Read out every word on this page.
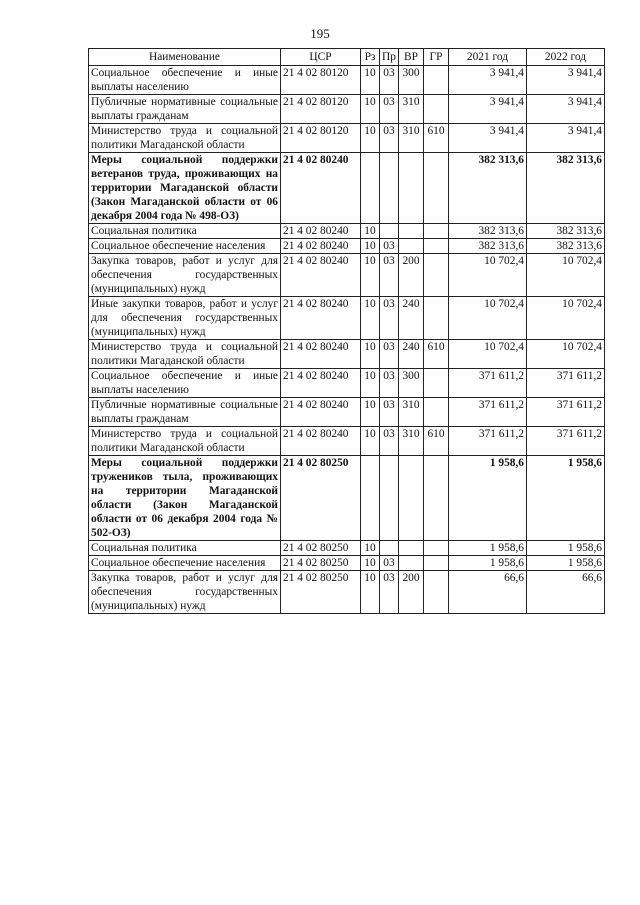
195
Наименование	ЦСР	Рз	Пр	ВР	ГР	2021 год	2022 год
Социальное обеспечение и иные выплаты населению	21 4 02 80120	10	03	300		3 941,4	3 941,4
Публичные нормативные социальные выплаты гражданам	21 4 02 80120	10	03	310		3 941,4	3 941,4
Министерство труда и социальной политики Магаданской области	21 4 02 80120	10	03	310	610	3 941,4	3 941,4
Меры социальной поддержки ветеранов труда, проживающих на территории Магаданской области (Закон Магаданской области от 06 декабря 2004 года № 498-ОЗ)	21 4 02 80240					382 313,6	382 313,6
Социальная политика	21 4 02 80240	10				382 313,6	382 313,6
Социальное обеспечение населения	21 4 02 80240	10	03			382 313,6	382 313,6
Закупка товаров, работ и услуг для обеспечения государственных (муниципальных) нужд	21 4 02 80240	10	03	200		10 702,4	10 702,4
Иные закупки товаров, работ и услуг для обеспечения государственных (муниципальных) нужд	21 4 02 80240	10	03	240		10 702,4	10 702,4
Министерство труда и социальной политики Магаданской области	21 4 02 80240	10	03	240	610	10 702,4	10 702,4
Социальное обеспечение и иные выплаты населению	21 4 02 80240	10	03	300		371 611,2	371 611,2
Публичные нормативные социальные выплаты гражданам	21 4 02 80240	10	03	310		371 611,2	371 611,2
Министерство труда и социальной политики Магаданской области	21 4 02 80240	10	03	310	610	371 611,2	371 611,2
Меры социальной поддержки тружеников тыла, проживающих на территории Магаданской области (Закон Магаданской области от 06 декабря 2004 года № 502-ОЗ)	21 4 02 80250					1 958,6	1 958,6
Социальная политика	21 4 02 80250	10				1 958,6	1 958,6
Социальное обеспечение населения	21 4 02 80250	10	03			1 958,6	1 958,6
Закупка товаров, работ и услуг для обеспечения государственных (муниципальных) нужд	21 4 02 80250	10	03	200		66,6	66,6
